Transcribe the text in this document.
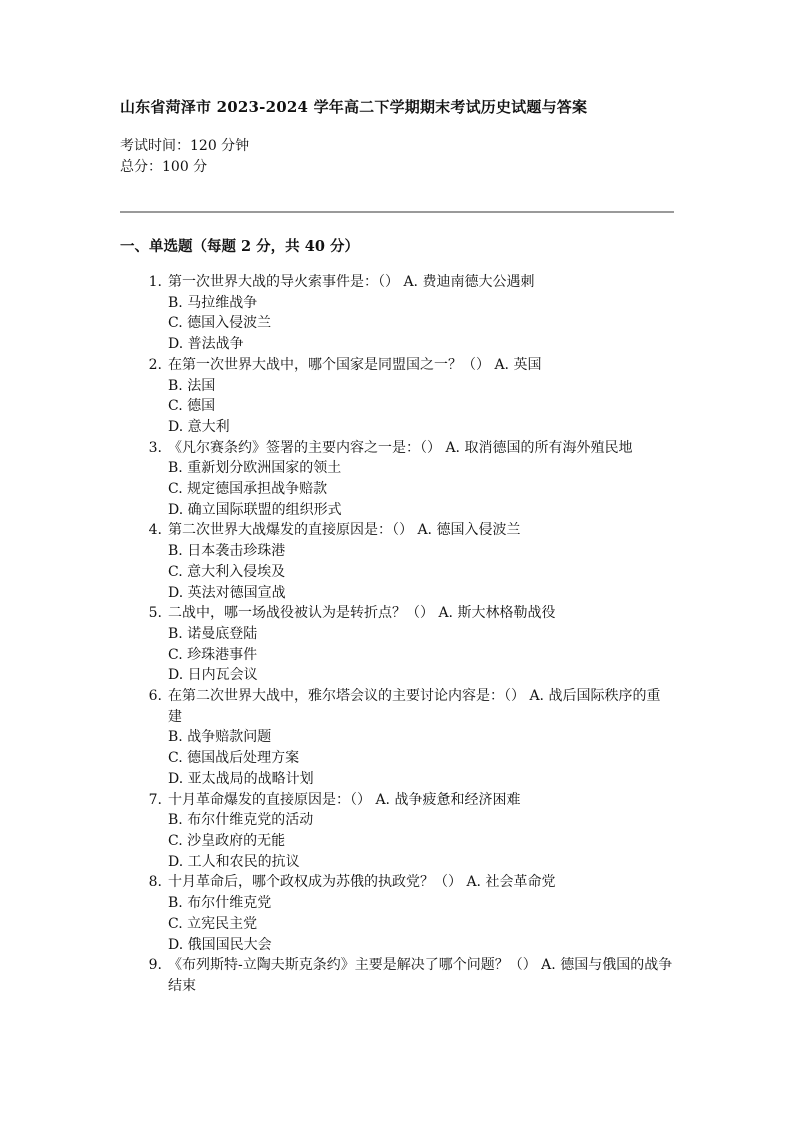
山东省菏泽市 2023-2024 学年高二下学期期末考试历史试题与答案
考试时间：120 分钟
总分：100 分
一、单选题（每题 2 分，共 40 分）
1. 第一次世界大战的导火索事件是：（） A. 费迪南德大公遇刺
B. 马拉维战争
C. 德国入侵波兰
D. 普法战争
2. 在第一次世界大战中，哪个国家是同盟国之一？（） A. 英国
B. 法国
C. 德国
D. 意大利
3. 《凡尔赛条约》签署的主要内容之一是：（） A. 取消德国的所有海外殖民地
B. 重新划分欧洲国家的领土
C. 规定德国承担战争赔款
D. 确立国际联盟的组织形式
4. 第二次世界大战爆发的直接原因是：（） A. 德国入侵波兰
B. 日本袭击珍珠港
C. 意大利入侵埃及
D. 英法对德国宣战
5. 二战中，哪一场战役被认为是转折点？（） A. 斯大林格勒战役
B. 诺曼底登陆
C. 珍珠港事件
D. 日内瓦会议
6. 在第二次世界大战中，雅尔塔会议的主要讨论内容是：（） A. 战后国际秩序的重建
B. 战争赔款问题
C. 德国战后处理方案
D. 亚太战局的战略计划
7. 十月革命爆发的直接原因是：（） A. 战争疲惫和经济困难
B. 布尔什维克党的活动
C. 沙皇政府的无能
D. 工人和农民的抗议
8. 十月革命后，哪个政权成为苏俄的执政党？（） A. 社会革命党
B. 布尔什维克党
C. 立宪民主党
D. 俄国国民大会
9. 《布列斯特-立陶夫斯克条约》主要是解决了哪个问题？（） A. 德国与俄国的战争结束
